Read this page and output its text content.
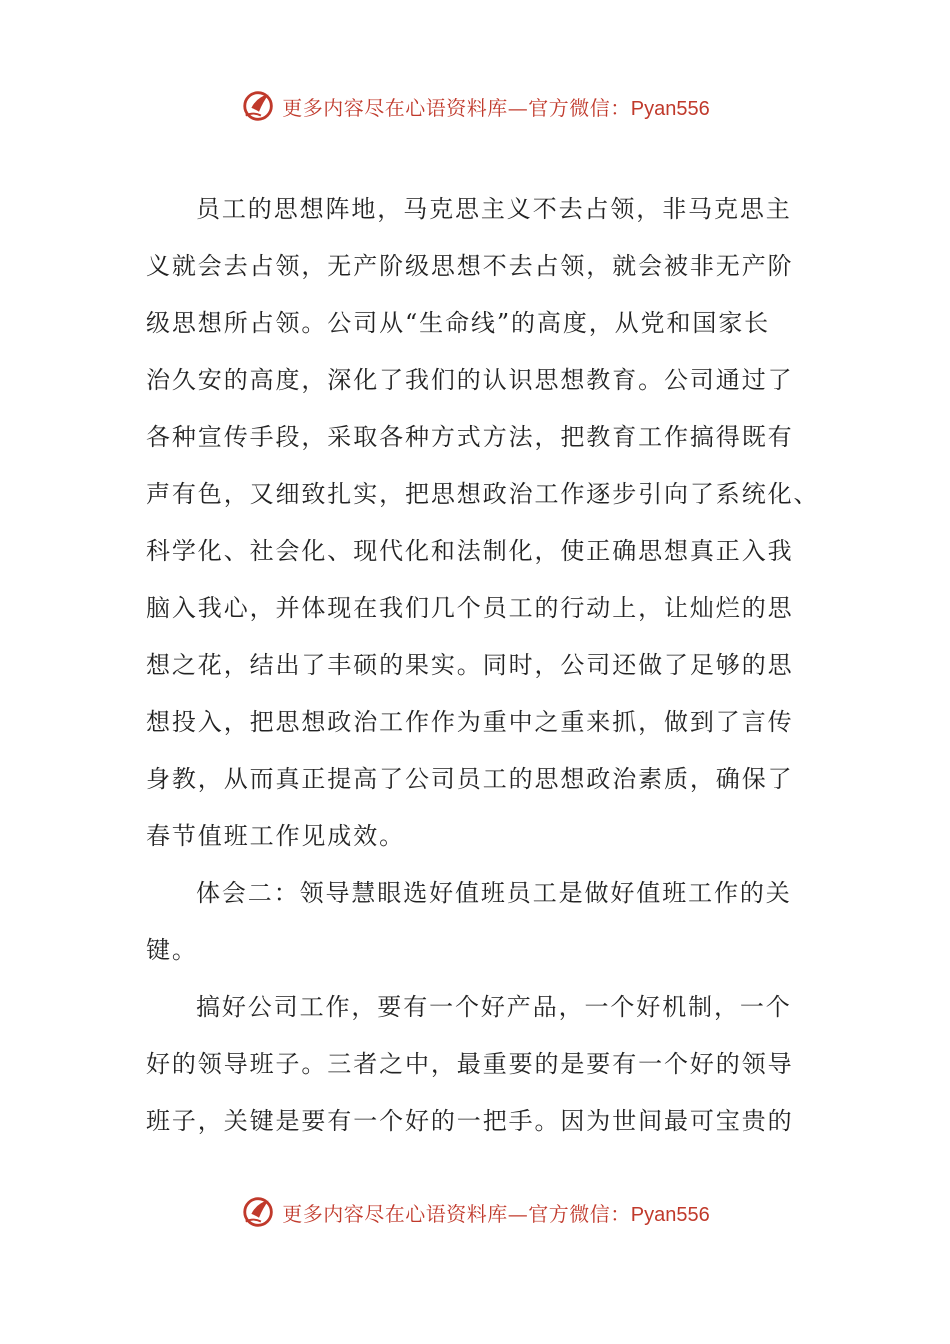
更多内容尽在心语资料库—官方微信：Pyan556
员工的思想阵地，马克思主义不去占领，非马克思主
义就会去占领，无产阶级思想不去占领，就会被非无产阶
级思想所占领。公司从“生命线”的高度，从党和国家长
治久安的高度，深化了我们的认识思想教育。公司通过了
各种宣传手段，采取各种方式方法，把教育工作搞得既有
声有色，又细致扎实，把思想政治工作逐步引向了系统化、
科学化、社会化、现代化和法制化，使正确思想真正入我
脑入我心，并体现在我们几个员工的行动上，让灿烂的思
想之花，结出了丰硕的果实。同时，公司还做了足够的思
想投入，把思想政治工作作为重中之重来抓，做到了言传
身教，从而真正提高了公司员工的思想政治素质，确保了
春节值班工作见成效。
体会二：领导慧眼选好值班员工是做好值班工作的关
键。
搞好公司工作，要有一个好产品，一个好机制，一个
好的领导班子。三者之中，最重要的是要有一个好的领导
班子，关键是要有一个好的一把手。因为世间最可宝贵的
更多内容尽在心语资料库—官方微信：Pyan556
